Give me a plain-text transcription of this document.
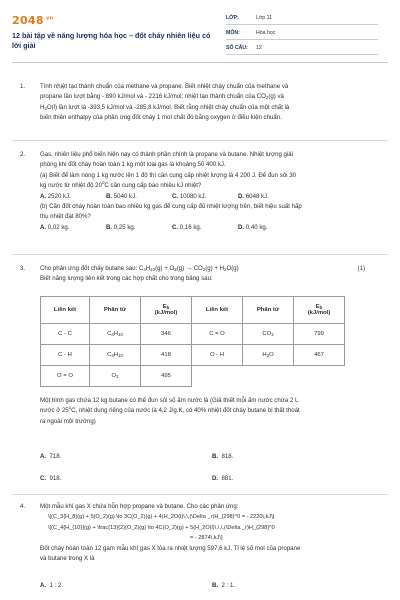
$2048^{.vn}$
12 bài tập về năng lượng hóa học – đốt cháy nhiên liệu có lời giải
LỚP:	Lớp 11
MÔN:	Hóa học
SỐ CÂU:	12
1.	Tính nhiệt tạo thành chuẩn của methane và propane. Biết nhiệt cháy chuẩn của methane và

propane lần lượt bằng - 890 kJ/mol và - 2216 kJ/mol; nhiệt tạo thành chuẩn của $CO_2(g)$ và

$H_2O(l)$ lần lượt là -393,5 kJ/mol và -285,8 kJ/mol. Biết rằng nhiệt cháy chuẩn của một chất là

biến thiên enthalpy của phản ứng đốt cháy 1 mol chất đó bằng oxygen ở điều kiện chuẩn.

2.	Gas, nhiên liệu phổ biến hiện nay có thành phần chính là propane và butane. Nhiệt lượng giải

phóng khi đốt cháy hoàn toàn 1 kg một loại gas là khoảng 50 400 kJ.

(a) Biết để làm nóng 1 kg nước lên 1 độ thì cần cung cấp nhiệt lượng là 4 200 J. Để đun sôi 30

kg nước từ nhiệt độ 20$^o$C cần cung cấp bao nhiêu kJ nhiệt?

A. 2520 kJ.	B. 5040 kJ.	C. 10080 kJ.	D. 6048 kJ.

(b) Cần đốt cháy hoàn toàn bao nhiêu kg gas để cung cấp đủ nhiệt lượng trên, biết hiệu suất hấp

thụ nhiệt đạt 80%?

A. 0,02 kg.	B. 0,25 kg.	C. 0,16 kg.	D. 0,40 kg.
3.	Cho phản ứng đốt cháy butane sau: $C_4H_{10}(g) + O_2(g) \to CO_2(g) + H_2O(g)$	(1)

Biết năng lượng liên kết trong các hợp chất cho trong bảng sau:

Liên kết	Phân tử	$E_b$
(kJ/mol)	Liên kết	Phân tử	$E_b$
(kJ/mol)
C - C	$C_4H_{10}$	346	C = O	$CO_2$	799
C - H	$C_4H_{10}$	418	O - H	$H_2O$	467
O = O	$O_2$	495			

Một bình gas chứa 12 kg butane có thể đun sôi số ấm nước là (Giả thiết mỗi ấm nước chứa 2 L

nước ở 25$^o$C, nhiệt dung riêng của nước là 4,2 J/g.K, có 40% nhiệt đốt cháy butane bị thất thoát

ra ngoài môi trường)

A. 718.	B. 818.
C. 918.	D. 881.
4.	Một mẫu khí gas X chứa hỗn hợp propane và butane. Cho các phản ứng:

\[(C_3{H_8}(g) + 5(O_2)(g) \to 3C(O_2)(g) + 4(H_2O(l)\,\,(\Delta _r)H_{298}^0 = - 2220\,kJ\]

\[(C_4{H_{10}}(g) + \frac{13}{2}(O_2)(g) \to 4C(O_2)(g) + 5(H_2O(l)\,\,\,(\Delta _r)H_{298}^0

= - 2874\,kJ\]

Đốt cháy hoàn toàn 12 gam mẫu khí gas X tỏa ra nhiệt lượng 597,6 kJ. Tỉ lệ số mol của propane

và butane trong X là

A. 1 : 2.	B. 2 : 1.
